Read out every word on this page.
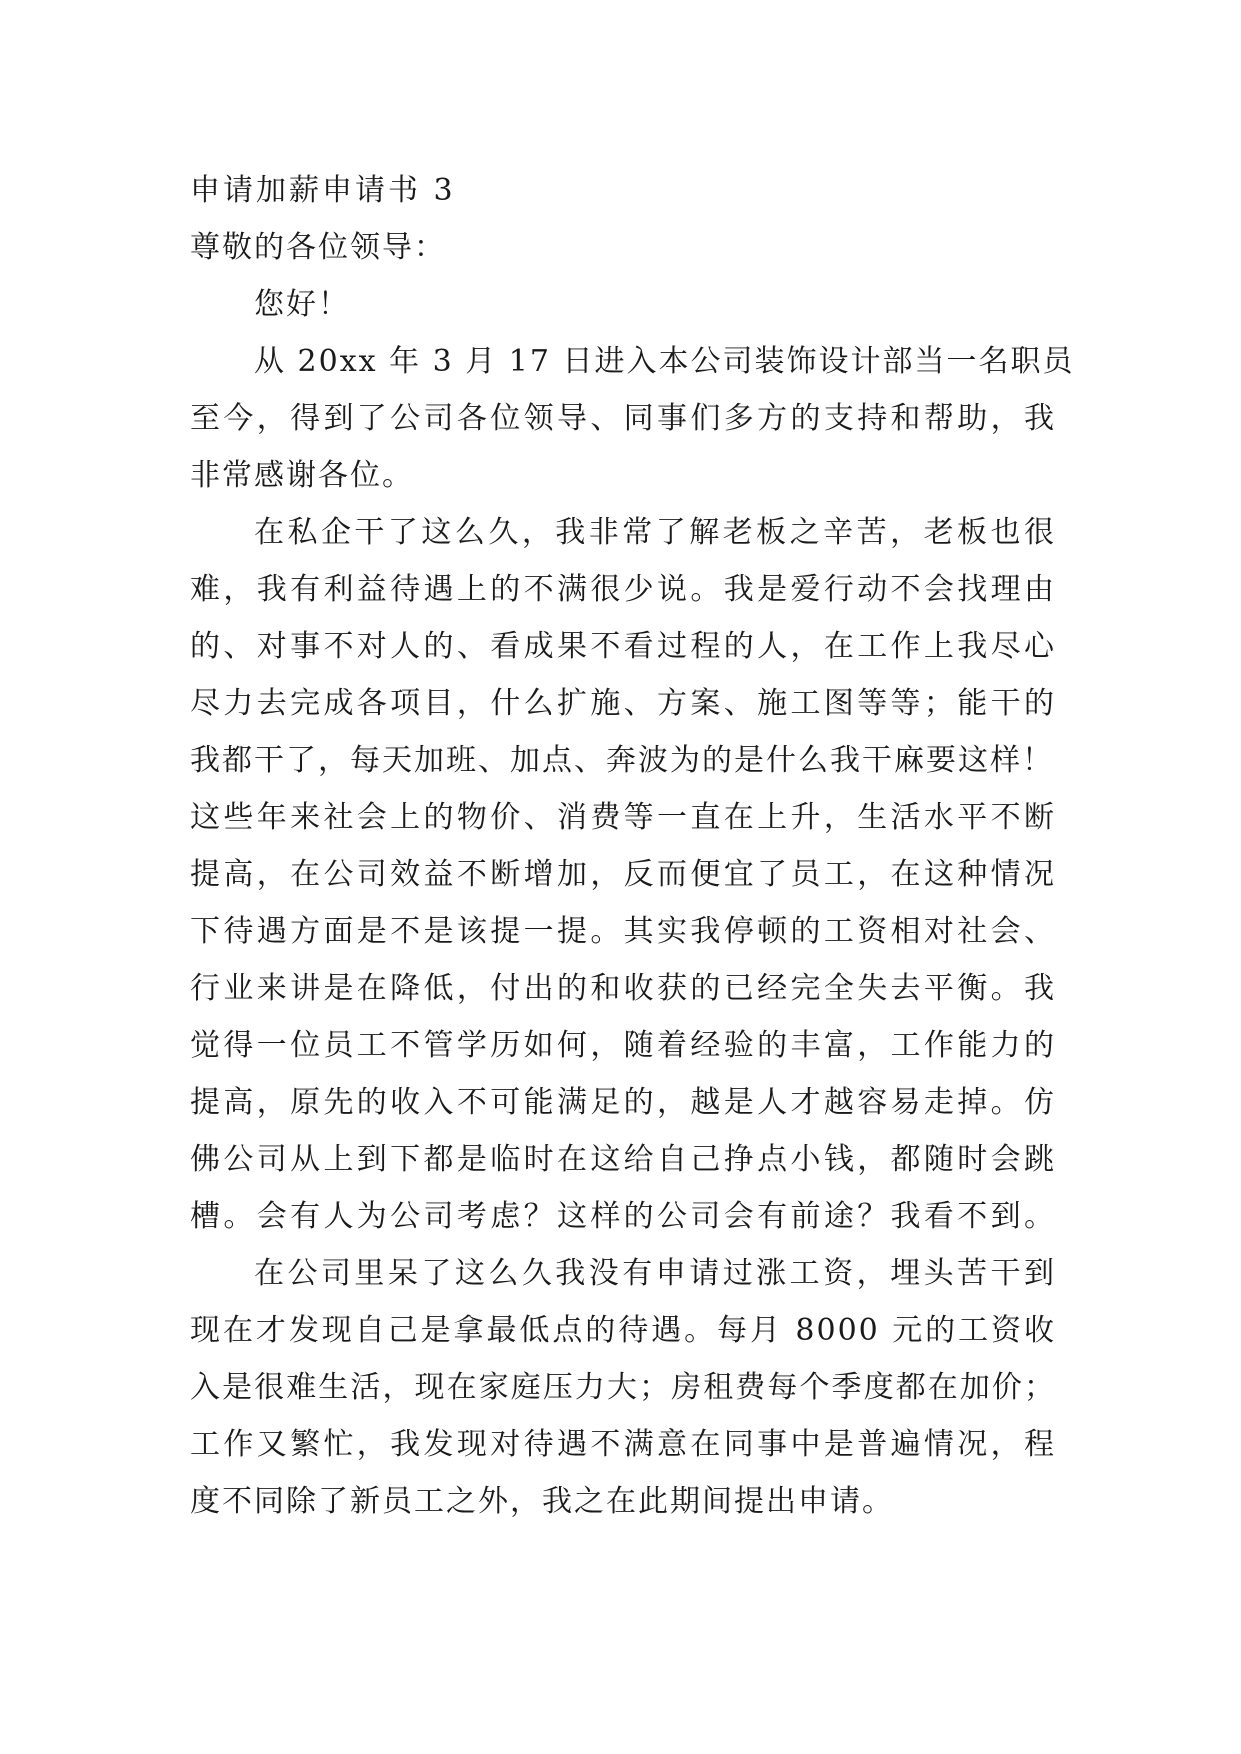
申请加薪申请书 3
尊敬的各位领导：
您好！
从 20xx 年 3 月 17 日进入本公司装饰设计部当一名职员
至今，得到了公司各位领导、同事们多方的支持和帮助，我
非常感谢各位。
在私企干了这么久，我非常了解老板之辛苦，老板也很
难，我有利益待遇上的不满很少说。我是爱行动不会找理由
的、对事不对人的、看成果不看过程的人，在工作上我尽心
尽力去完成各项目，什么扩施、方案、施工图等等；能干的
我都干了，每天加班、加点、奔波为的是什么我干麻要这样！
这些年来社会上的物价、消费等一直在上升，生活水平不断
提高，在公司效益不断增加，反而便宜了员工，在这种情况
下待遇方面是不是该提一提。其实我停顿的工资相对社会、
行业来讲是在降低，付出的和收获的已经完全失去平衡。我
觉得一位员工不管学历如何，随着经验的丰富，工作能力的
提高，原先的收入不可能满足的，越是人才越容易走掉。仿
佛公司从上到下都是临时在这给自己挣点小钱，都随时会跳
槽。会有人为公司考虑？这样的公司会有前途？我看不到。
在公司里呆了这么久我没有申请过涨工资，埋头苦干到
现在才发现自己是拿最低点的待遇。每月 8000 元的工资收
入是很难生活，现在家庭压力大；房租费每个季度都在加价；
工作又繁忙，我发现对待遇不满意在同事中是普遍情况，程
度不同除了新员工之外，我之在此期间提出申请。
